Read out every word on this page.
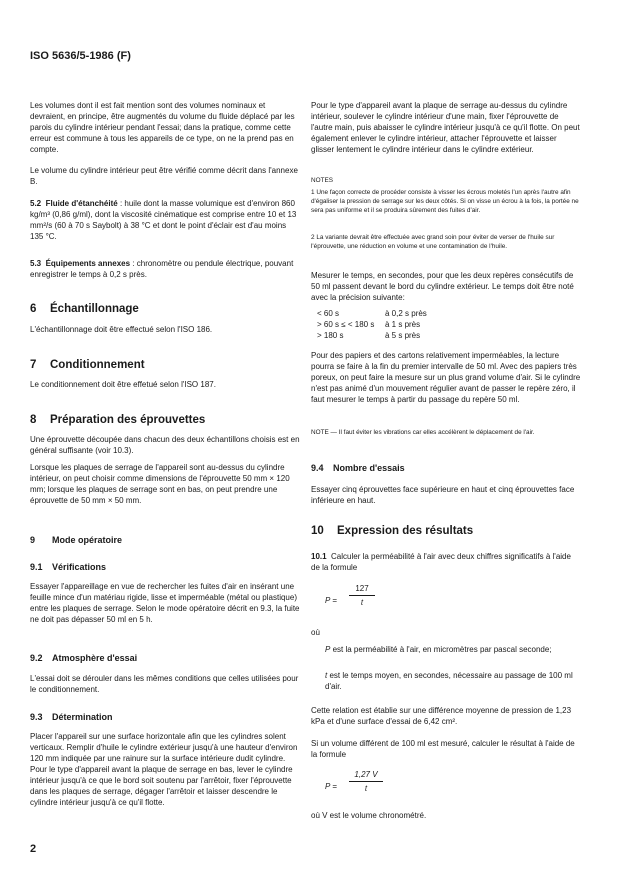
ISO 5636/5-1986 (F)

Les volumes dont il est fait mention sont des volumes nominaux et devraient, en principe, être augmentés du volume du fluide déplacé par les parois du cylindre intérieur pendant l'essai; dans la pratique, comme cette erreur est commune à tous les appareils de ce type, on ne la prend pas en compte.

Le volume du cylindre intérieur peut être vérifié comme décrit dans l'annexe B.

5.2 Fluide d'étanchéité : huile dont la masse volumique est d'environ 860 kg/m³ (0,86 g/ml), dont la viscosité cinématique est comprise entre 10 et 13 mm²/s (60 à 70 s Saybolt) à 38 °C et dont le point d'éclair est d'au moins 135 °C.

5.3 Équipements annexes : chronomètre ou pendule électrique, pouvant enregistrer le temps à 0,2 s près.

6 Échantillonnage

L'échantillonnage doit être effectué selon l'ISO 186.

7 Conditionnement

Le conditionnement doit être effetué selon l'ISO 187.

8 Préparation des éprouvettes

Une éprouvette découpée dans chacun des deux échantillons choisis est en général suffisante (voir 10.3).

Lorsque les plaques de serrage de l'appareil sont au-dessus du cylindre intérieur, on peut choisir comme dimensions de l'éprouvette 50 mm × 120 mm; lorsque les plaques de serrage sont en bas, on peut prendre une éprouvette de 50 mm × 50 mm.

9 Mode opératoire
9.1 Vérifications

Essayer l'appareillage en vue de rechercher les fuites d'air en insérant une feuille mince d'un matériau rigide, lisse et imperméable (métal ou plastique) entre les plaques de serrage. Selon le mode opératoire décrit en 9.3, la fuite ne doit pas dépasser 50 ml en 5 h.

9.2 Atmosphère d'essai

L'essai doit se dérouler dans les mêmes conditions que celles utilisées pour le conditionnement.

9.3 Détermination

Placer l'appareil sur une surface horizontale afin que les cylindres solent verticaux. Remplir d'huile le cylindre extérieur jusqu'à une hauteur d'environ 120 mm indiquée par une rainure sur la surface intérieure dudit cylindre. Pour le type d'appareil avant la plaque de serrage en bas, lever le cylindre intérieur jusqu'à ce que le bord soit soutenu par l'arrêtoir, fixer l'éprouvette dans les plaques de serrage, dégager l'arrêtoir et laisser descendre le cylindre intérieur jusqu'à ce qu'il flotte.

Pour le type d'appareil avant la plaque de serrage au-dessus du cylindre intérieur, soulever le cylindre intérieur d'une main, fixer l'éprouvette de l'autre main, puis abaisser le cylindre intérieur jusqu'à ce qu'il flotte. On peut également enlever le cylindre intérieur, attacher l'éprouvette et laisser glisser lentement le cylindre intérieur dans le cylindre extérieur.

NOTES

1 Une façon correcte de procéder consiste à visser les écrous moletés l'un après l'autre afin d'égaliser la pression de serrage sur les deux côtés. Si on visse un écrou à la fois, la portée ne sera pas uniforme et il se produira sûrement des fuites d'air.

2 La variante devrait être effectuée avec grand soin pour éviter de verser de l'huile sur l'éprouvette, une réduction en volume et une contamination de l'huile.

Mesurer le temps, en secondes, pour que les deux repères consécutifs de 50 ml passent devant le bord du cylindre extérieur. Le temps doit être noté avec la précision suivante:

< 60 s	à 0,2 s près
> 60 s ≤ < 180 s à 1 s près
> 180 s	à 5 s près

Pour des papiers et des cartons relativement imperméables, la lecture pourra se faire à la fin du premier intervalle de 50 ml. Avec des papiers très poreux, on peut faire la mesure sur un plus grand volume d'air. Si le cylindre n'est pas animé d'un mouvement régulier avant de passer le repère zéro, il faut mesurer le temps à partir du passage du repère 50 ml.

NOTE — Il faut éviter les vibrations car elles accélèrent le déplacement de l'air.

9.4 Nombre d'essais

Essayer cinq éprouvettes face supérieure en haut et cinq éprouvettes face inférieure en haut.

10 Expression des résultats

10.1 Calculer la perméabilité à l'air avec deux chiffres significatifs à l'aide de la formule

P =
127
t
où

P est la perméabilité à l'air, en micromètres par pascal seconde;

t est le temps moyen, en secondes, nécessaire au passage de 100 ml d'air.

Cette relation est établie sur une différence moyenne de pression de 1,23 kPa et d'une surface d'essai de 6,42 cm².

Si un volume différent de 100 ml est mesuré, calculer le résultat à l'aide de la formule

P =
1,27 V
t

où V est le volume chronométré.

2
